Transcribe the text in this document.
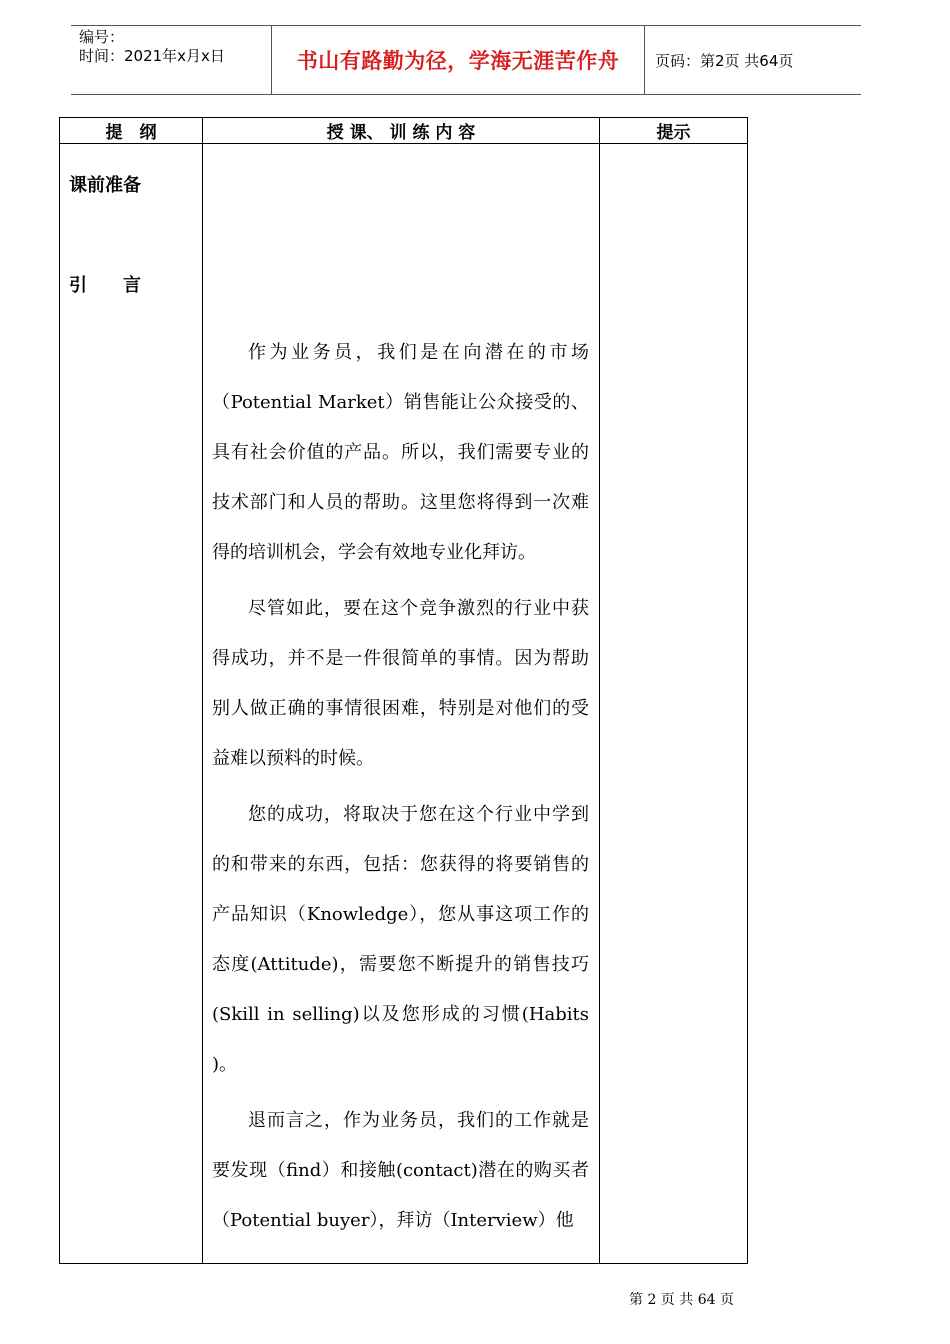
编号：
时间：2021年x月x日	书山有路勤为径，学海无涯苦作舟 页码：第2页 共64页
提　纲	授 课、 训 练 内 容	提示
课前准备
引　　言

作为业务员，我们是在向潜在的市场（Potential Market）销售能让公众接受的、具有社会价值的产品。所以，我们需要专业的技术部门和人员的帮助。这里您将得到一次难得的培训机会，学会有效地专业化拜访。

尽管如此，要在这个竞争激烈的行业中获得成功，并不是一件很简单的事情。因为帮助别人做正确的事情很困难，特别是对他们的受益难以预料的时候。

您的成功，将取决于您在这个行业中学到的和带来的东西，包括：您获得的将要销售的产品知识（Knowledge），您从事这项工作的态度(Attitude)，需要您不断提升的销售技巧(Skill in selling)以及您形成的习惯(Habits )。

退而言之，作为业务员，我们的工作就是要发现（find）和接触(contact)潜在的购买者（Potential buyer），拜访（Interview）他

第 2 页 共 64 页
